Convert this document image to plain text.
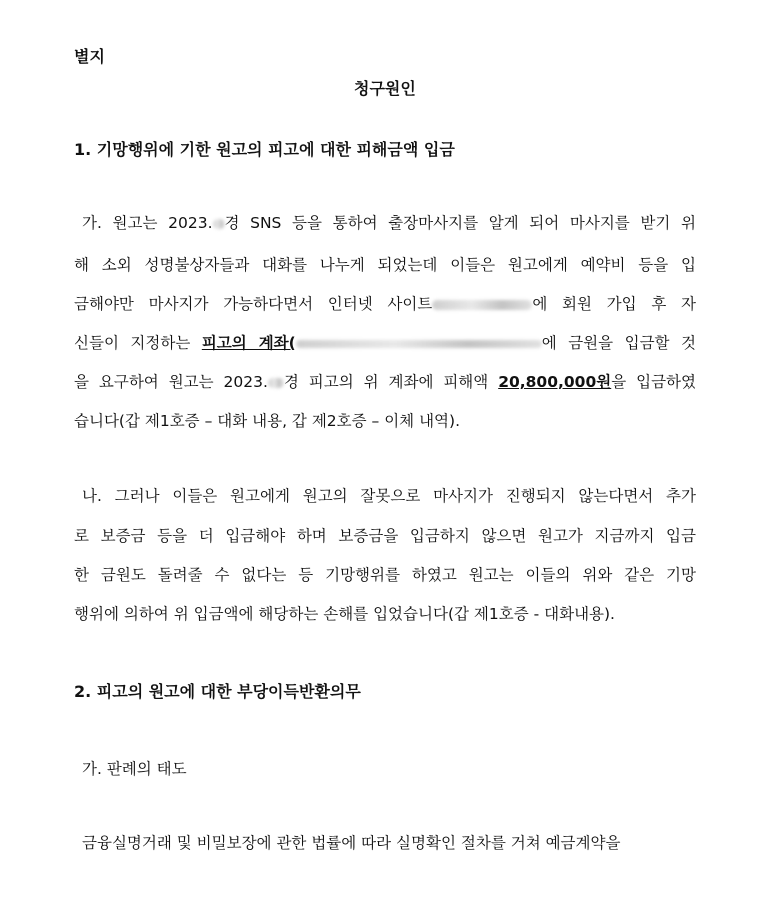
별지
청구원인
1. 기망행위에 기한 원고의 피고에 대한 피해금액 입금
가. 원고는 2023. 경 SNS 등을 통하여 출장마사지를 알게 되어 마사지를 받기 위
해 소외 성명불상자들과 대화를 나누게 되었는데 이들은 원고에게 예약비 등을 입
금해야만 마사지가 가능하다면서 인터넷 사이트	에 회원 가입 후 자
신들이 지정하는 피고의 계좌(	에 금원을 입금할 것
을 요구하여 원고는 2023. 경 피고의 위 계좌에 피해액 20,800,000원을 입금하였
습니다(갑 제1호증 – 대화 내용, 갑 제2호증 – 이체 내역).
나. 그러나 이들은 원고에게 원고의 잘못으로 마사지가 진행되지 않는다면서 추가
로 보증금 등을 더 입금해야 하며 보증금을 입금하지 않으면 원고가 지금까지 입금
한 금원도 돌려줄 수 없다는 등 기망행위를 하였고 원고는 이들의 위와 같은 기망
행위에 의하여 위 입금액에 해당하는 손해를 입었습니다(갑 제1호증 - 대화내용).
2. 피고의 원고에 대한 부당이득반환의무
가. 판례의 태도
금융실명거래 및 비밀보장에 관한 법률에 따라 실명확인 절차를 거쳐 예금계약을
